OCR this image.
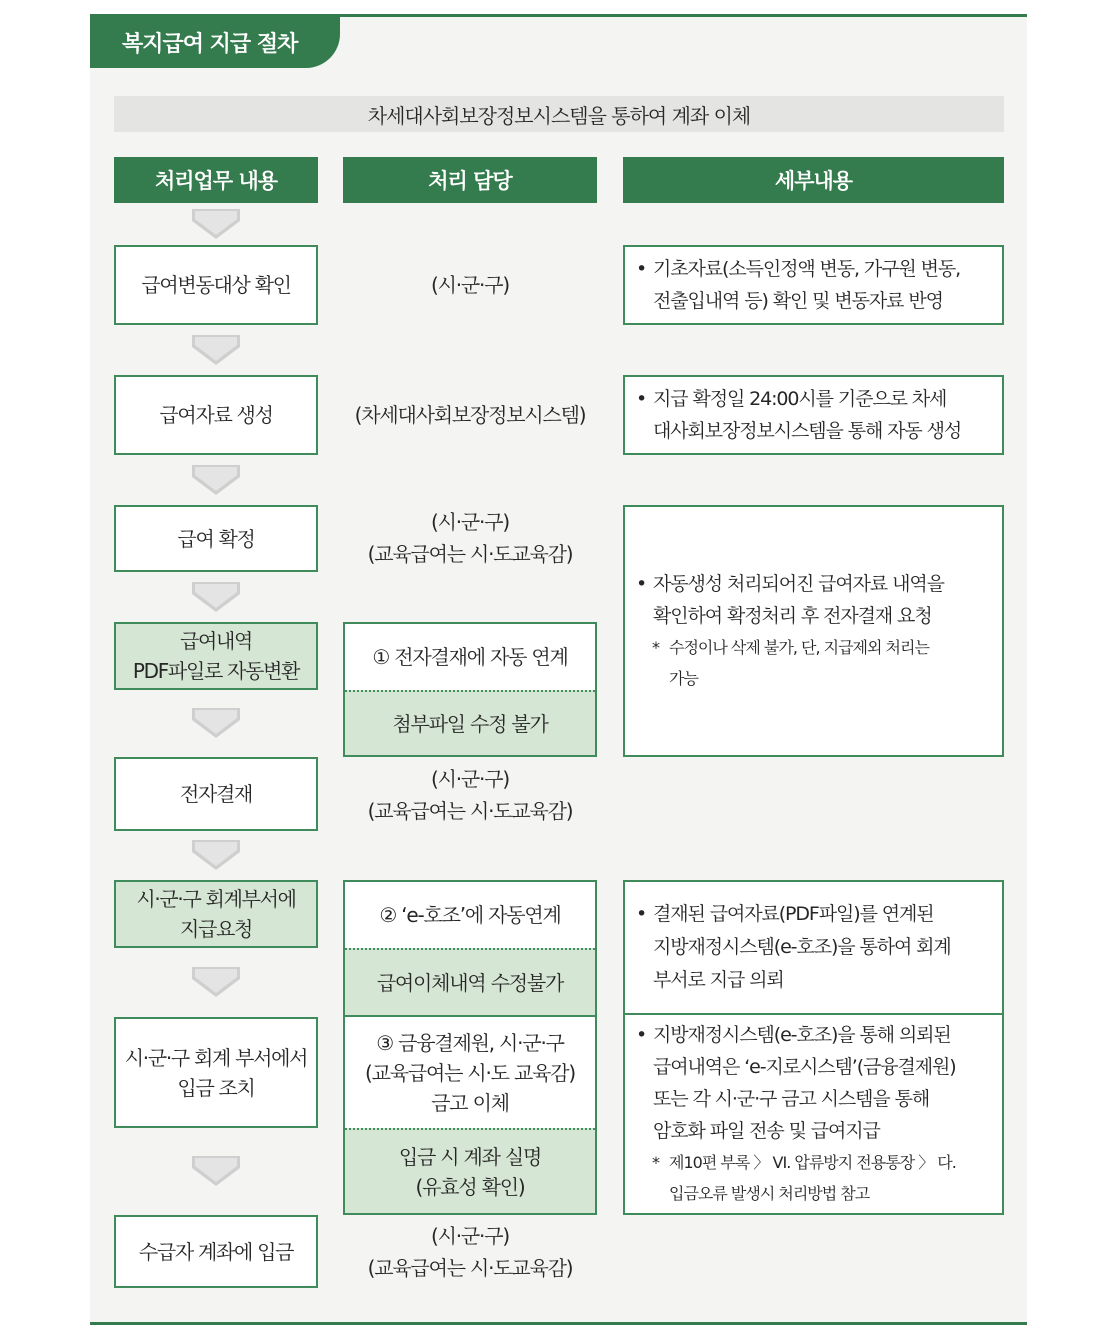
복지급여 지급 절차
차세대사회보장정보시스템을 통하여 계좌 이체
처리업무 내용	처리 담당	세부내용
급여변동대상 확인
급여자료 생성
급여 확정
급여내역
PDF파일로 자동변환
전자결재
시·군·구 회계부서에
지급요청
시·군·구 회계 부서에서
입금 조치
수급자 계좌에 입금
(시·군·구)
(차세대사회보장정보시스템)
(시·군·구)
(교육급여는 시·도교육감)
(시·군·구)
(교육급여는 시·도교육감)
(시·군·구)
(교육급여는 시·도교육감)
① 전자결재에 자동 연계
첨부파일 수정 불가
② ‘e-호조’에 자동연계
급여이체내역 수정불가
③ 금융결제원, 시·군·구
(교육급여는 시·도 교육감)
금고 이체
입금 시 계좌 실명
(유효성 확인)
• 기초자료(소득인정액 변동, 가구원 변동,
전출입내역 등) 확인 및 변동자료 반영
• 지급 확정일 24:00시를 기준으로 차세
대사회보장정보시스템을 통해 자동 생성
• 자동생성 처리되어진 급여자료 내역을
확인하여 확정처리 후 전자결재 요청
* 수정이나 삭제 불가, 단, 지급제외 처리는
가능
• 결재된 급여자료(PDF파일)를 연계된
지방재정시스템(e-호조)을 통하여 회계
부서로 지급 의뢰
• 지방재정시스템(e-호조)을 통해 의뢰된
급여내역은 ‘e-지로시스템’(금융결제원)
또는 각 시·군·구 금고 시스템을 통해
암호화 파일 전송 및 급여지급
* 제10편 부록 〉 Ⅵ. 압류방지 전용통장 〉 다.
입금오류 발생시 처리방법 참고
